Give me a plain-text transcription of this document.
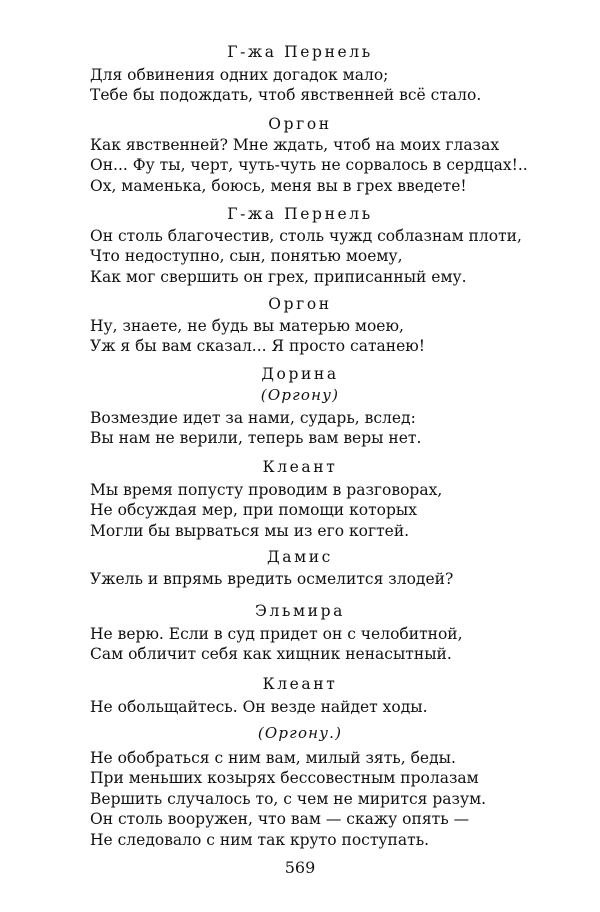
Г-жа Пернель
Для обвинения одних догадок мало;
Тебе бы подождать, чтоб явственней всё стало.
Оргон
Как явственней? Мне ждать, чтоб на моих глазах
Он... Фу ты, черт, чуть-чуть не сорвалось в сердцах!..
Ох, маменька, боюсь, меня вы в грех введете!
Г-жа Пернель
Он столь благочестив, столь чужд соблазнам плоти,
Что недоступно, сын, понятью моему,
Как мог свершить он грех, приписанный ему.
Оргон
Ну, знаете, не будь вы матерью моею,
Уж я бы вам сказал... Я просто сатанею!
Дорина
(Оргону)
Возмездие идет за нами, сударь, вслед:
Вы нам не верили, теперь вам веры нет.
Клеант
Мы время попусту проводим в разговорах,
Не обсуждая мер, при помощи которых
Могли бы вырваться мы из его когтей.
Дамис
Ужель и впрямь вредить осмелится злодей?
Эльмира
Не верю. Если в суд придет он с челобитной,
Сам обличит себя как хищник ненасытный.
Клеант
Не обольщайтесь. Он везде найдет ходы.
(Оргону.)
Не обобраться с ним вам, милый зять, беды.
При меньших козырях бессовестным пролазам
Вершить случалось то, с чем не мирится разум.
Он столь вооружен, что вам — скажу опять —
Не следовало с ним так круто поступать.
569
